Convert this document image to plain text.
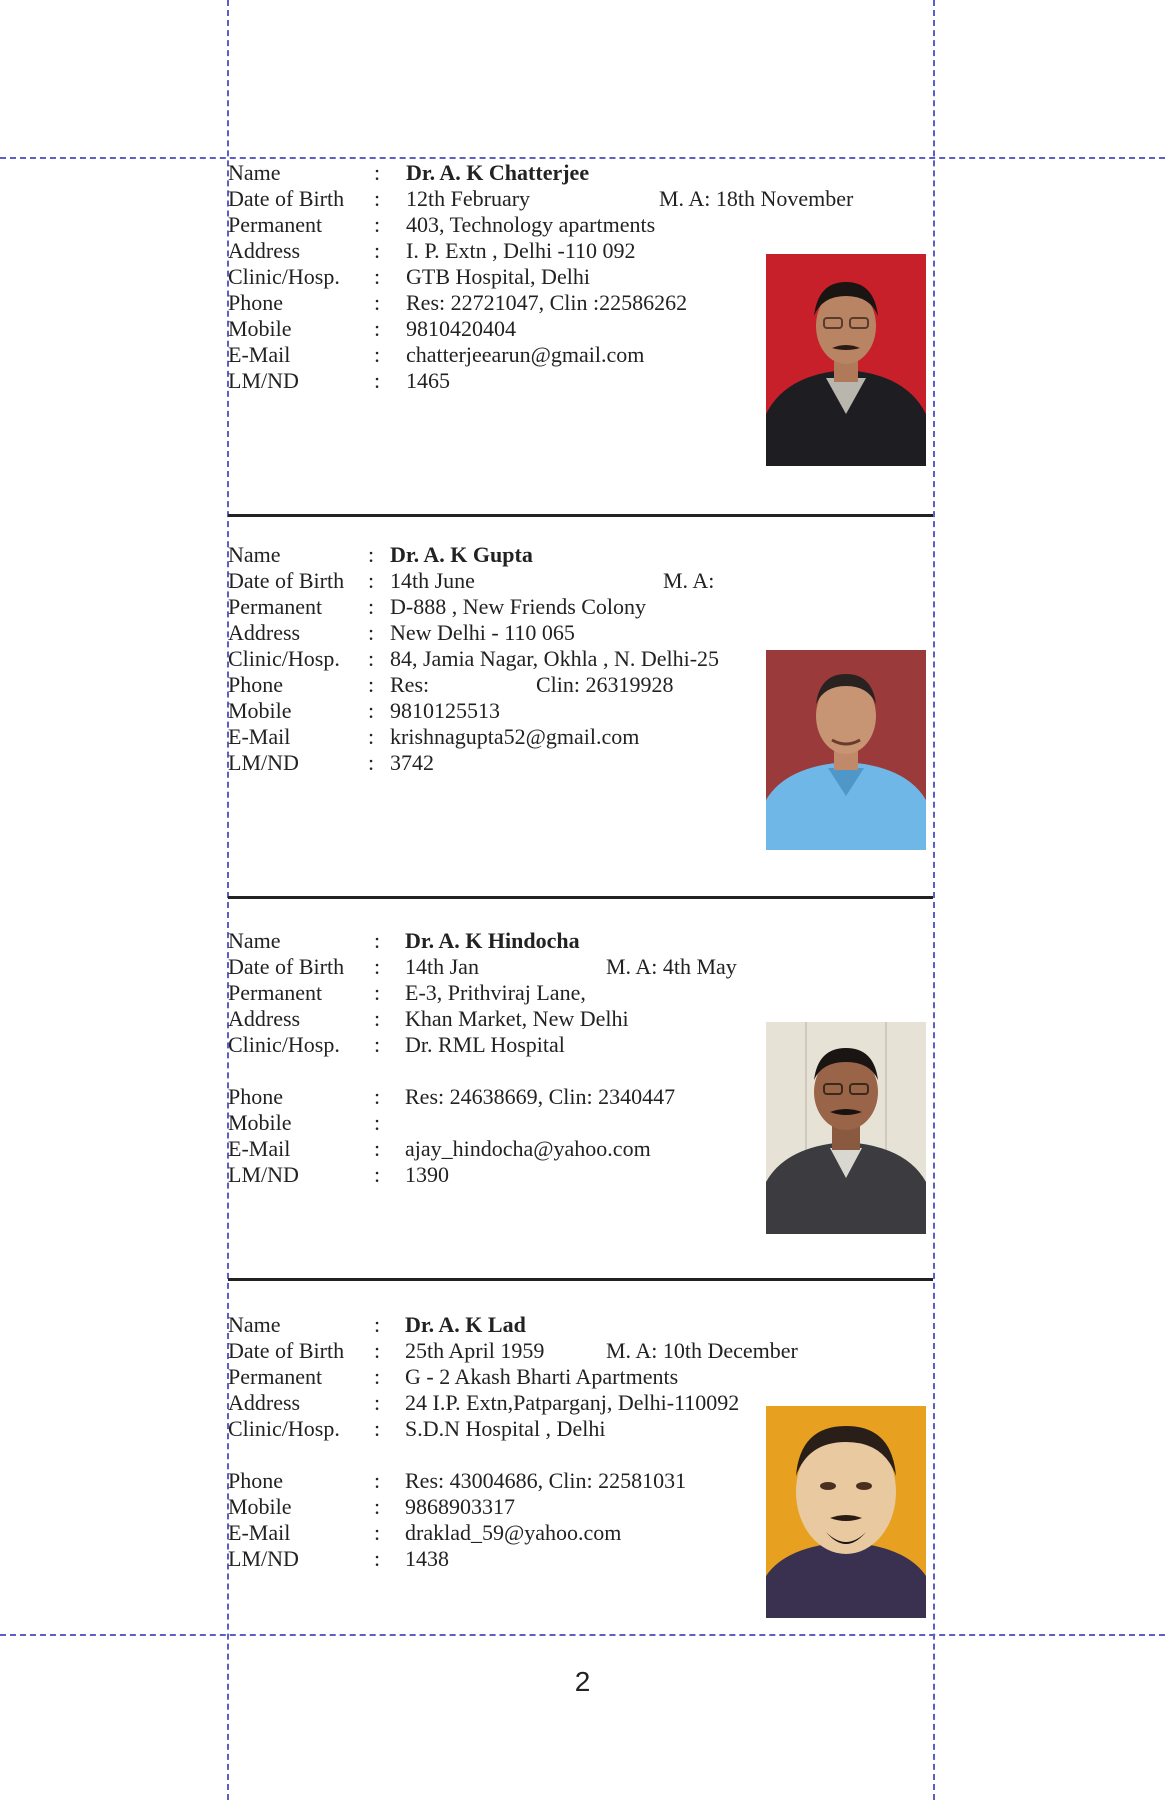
Name	: Dr. A. K Chatterjee
Date of Birth : 12th February	M. A: 18th November
Permanent : 403, Technology apartments
Address	: I. P. Extn , Delhi -110 092
Clinic/Hosp. : GTB Hospital, Delhi
Phone	: Res: 22721047, Clin :22586262
Mobile	: 9810420404
E-Mail	: chatterjeearun@gmail.com
LM/ND	: 1465
Name	: Dr. A. K Gupta
Date of Birth : 14th June	M. A:
Permanent : D-888 , New Friends Colony
Address	: New Delhi - 110 065
Clinic/Hosp. : 84, Jamia Nagar, Okhla , N. Delhi-25
Phone	: Res:	Clin: 26319928
Mobile	: 9810125513
E-Mail	: krishnagupta52@gmail.com
LM/ND	: 3742
Name	: Dr. A. K Hindocha
Date of Birth : 14th Jan	M. A: 4th May
Permanent : E-3, Prithviraj Lane,
Address	: Khan Market, New Delhi
Clinic/Hosp. : Dr. RML Hospital
Phone	: Res: 24638669, Clin: 2340447
Mobile	:
E-Mail	: ajay_hindocha@yahoo.com
LM/ND	: 1390
Name	: Dr. A. K Lad
Date of Birth : 25th April 1959	M. A: 10th December
Permanent : G - 2 Akash Bharti Apartments
Address	: 24 I.P. Extn,Patparganj, Delhi-110092
Clinic/Hosp. : S.D.N Hospital , Delhi
Phone	: Res: 43004686, Clin: 22581031
Mobile	: 9868903317
E-Mail	: draklad_59@yahoo.com
LM/ND	: 1438
2
